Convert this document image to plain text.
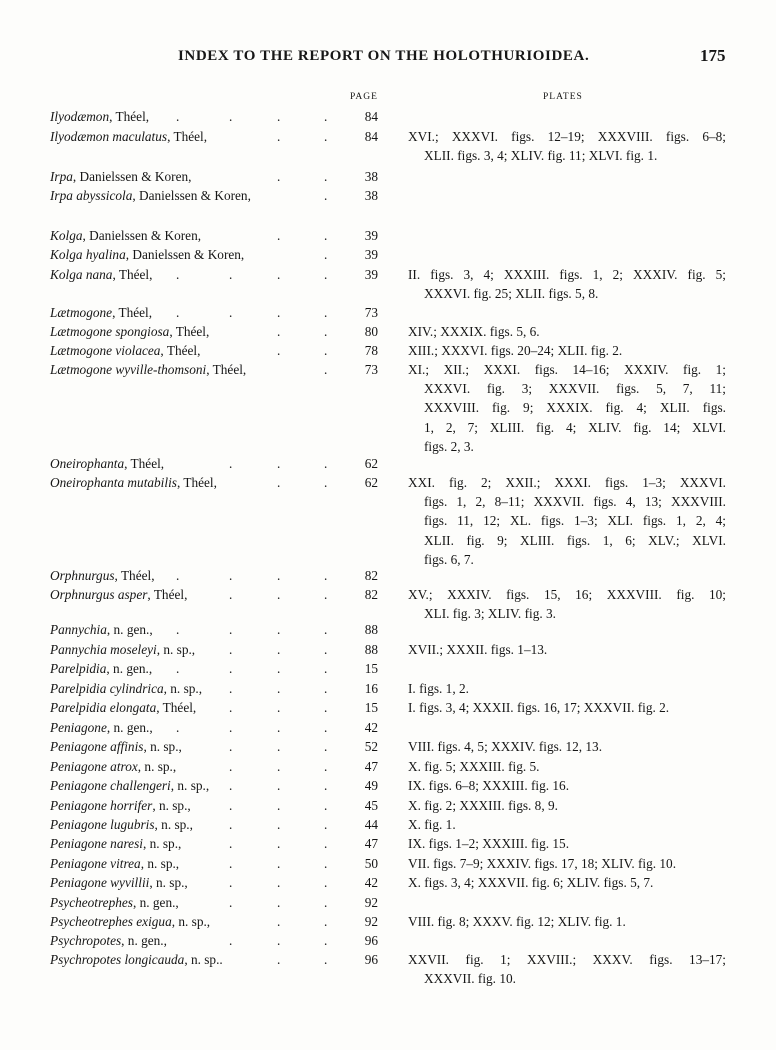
INDEX TO THE REPORT ON THE HOLOTHURIOIDEA.	175
PAGE	PLATES
Ilyodæmon, Théel, .	.	.	.	84
Ilyodæmon maculatus, Théel,	.	.	84 XVI.; XXXVI. figs. 12–19; XXXVIII. figs. 6–8;
XLII. figs. 3, 4; XLIV. fig. 11; XLVI. fig. 1.
Irpa, Danielssen & Koren,	.	.	38
Irpa abyssicola, Danielssen & Koren,	.	38
Kolga, Danielssen & Koren,	.	.	39
Kolga hyalina, Danielssen & Koren,	.	39
Kolga nana, Théel, .	.	.	.	39 II. figs. 3, 4; XXXIII. figs. 1, 2; XXXIV. fig. 5;
XXXVI. fig. 25; XLII. figs. 5, 8.
Lætmogone, Théel, .	.	.	.	73
Lætmogone spongiosa, Théel,	.	.	80 XIV.; XXXIX. figs. 5, 6.
Lætmogone violacea, Théel,	.	.	78 XIII.; XXXVI. figs. 20–24; XLII. fig. 2.
Lætmogone wyville-thomsoni, Théel,	.	73 XI.; XII.; XXXI. figs. 14–16; XXXIV. fig. 1;
XXXVI. fig. 3; XXXVII. figs. 5, 7, 11;
XXXVIII. fig. 9; XXXIX. fig. 4; XLII. figs.
1, 2, 7; XLIII. fig. 4; XLIV. fig. 14; XLVI.
figs. 2, 3.
Oneirophanta, Théel,	.	.	.	62
Oneirophanta mutabilis, Théel,	.	.	62 XXI. fig. 2; XXII.; XXXI. figs. 1–3; XXXVI.
figs. 1, 2, 8–11; XXXVII. figs. 4, 13; XXXVIII.
figs. 11, 12; XL. figs. 1–3; XLI. figs. 1, 2, 4;
XLII. fig. 9; XLIII. figs. 1, 6; XLV.; XLVI.
figs. 6, 7.
Orphnurgus, Théel, .	.	.	.	82
Orphnurgus asper, Théel,	.	.	.	82 XV.; XXXIV. figs. 15, 16; XXXVIII. fig. 10;
XLI. fig. 3; XLIV. fig. 3.
Pannychia, n. gen., .	.	.	.	88
Pannychia moseleyi, n. sp.,	.	.	.	88 XVII.; XXXII. figs. 1–13.
Parelpidia, n. gen., .	.	.	.	15
Parelpidia cylindrica, n. sp., .	.	.	16 I. figs. 1, 2.
Parelpidia elongata, Théel, .	.	.	15 I. figs. 3, 4; XXXII. figs. 16, 17; XXXVII. fig. 2.
Peniagone, n. gen., .	.	.	.	42
Peniagone affinis, n. sp.,	.	.	.	52 VIII. figs. 4, 5; XXXIV. figs. 12, 13.
Peniagone atrox, n. sp.,	.	.	.	47 X. fig. 5; XXXIII. fig. 5.
Peniagone challengeri, n. sp., .	.	.	49 IX. figs. 6–8; XXXIII. fig. 16.
Peniagone horrifer, n. sp.,	.	.	.	45 X. fig. 2; XXXIII. figs. 8, 9.
Peniagone lugubris, n. sp.,	.	.	.	44 X. fig. 1.
Peniagone naresi, n. sp.,	.	.	.	47 IX. figs. 1–2; XXXIII. fig. 15.
Peniagone vitrea, n. sp.,	.	.	.	50 VII. figs. 7–9; XXXIV. figs. 17, 18; XLIV. fig. 10.
Peniagone wyvillii, n. sp.,	.	.	.	42 X. figs. 3, 4; XXXVII. fig. 6; XLIV. figs. 5, 7.
Psycheotrephes, n. gen.,	.	.	.	92
Psycheotrephes exigua, n. sp.,	.	.	92 VIII. fig. 8; XXXV. fig. 12; XLIV. fig. 1.
Psychropotes, n. gen.,	.	.	.	96
Psychropotes longicauda, n. sp..	.	.	96 XXVII. fig. 1; XXVIII.; XXXV. figs. 13–17;
XXXVII. fig. 10.
